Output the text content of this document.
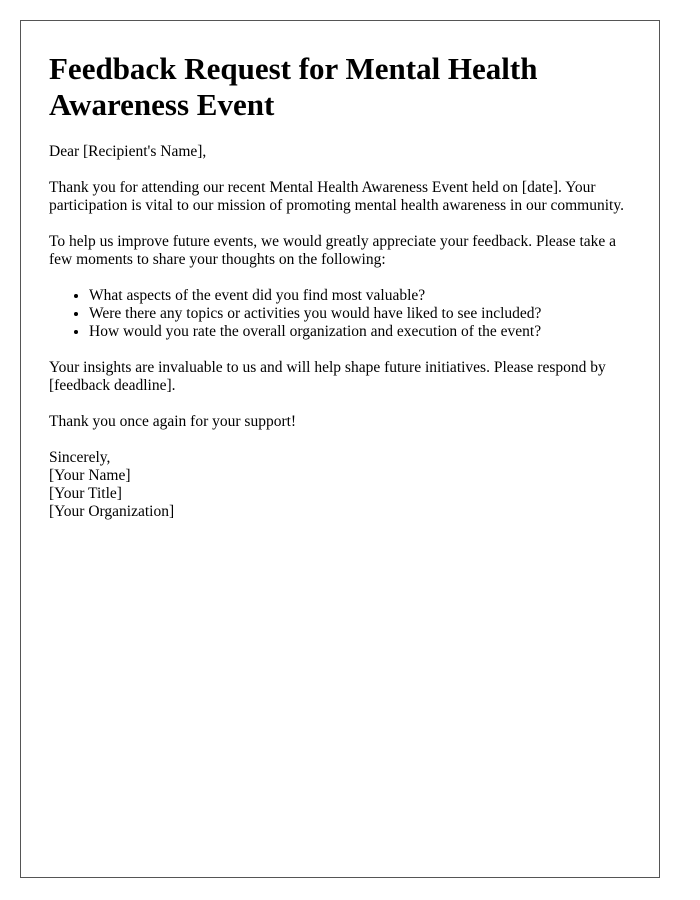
Feedback Request for Mental Health Awareness Event

Dear [Recipient's Name],

Thank you for attending our recent Mental Health Awareness Event held on [date]. Your participation is vital to our mission of promoting mental health awareness in our community.

To help us improve future events, we would greatly appreciate your feedback. Please take a few moments to share your thoughts on the following:

• What aspects of the event did you find most valuable?
• Were there any topics or activities you would have liked to see included?
• How would you rate the overall organization and execution of the event?

Your insights are invaluable to us and will help shape future initiatives. Please respond by [feedback deadline].

Thank you once again for your support!

Sincerely,
[Your Name]
[Your Title]
[Your Organization]
